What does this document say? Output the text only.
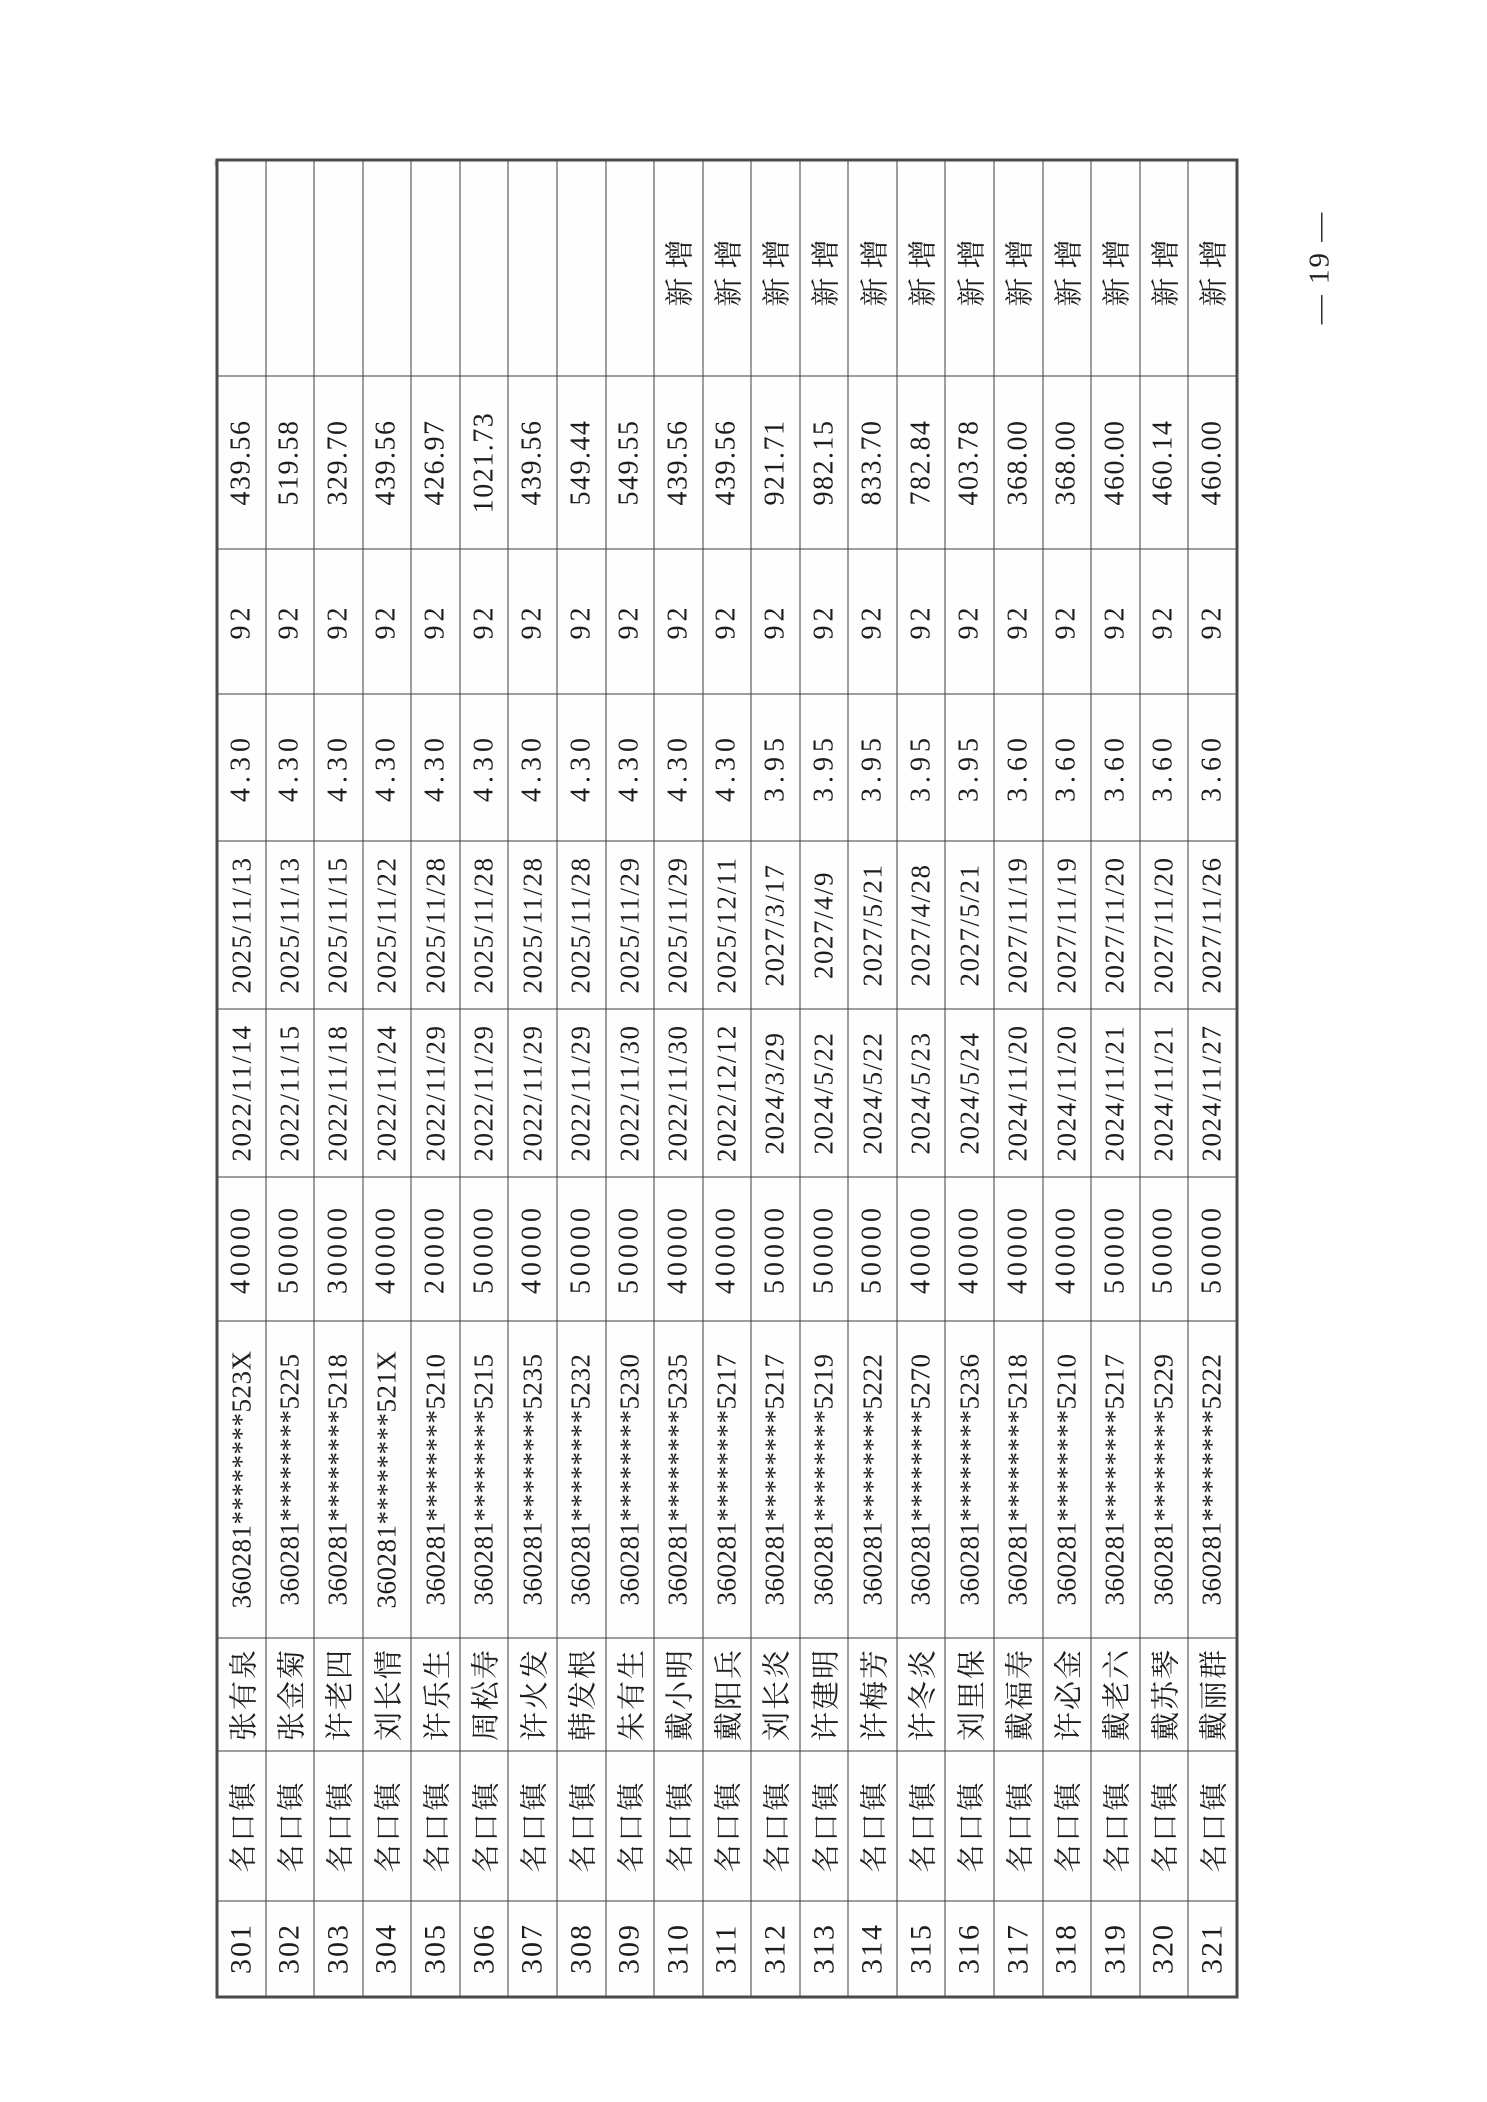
301	名口镇	张有泉	360281********523X	40000	2022/11/14	2025/11/13	4.30	92	439.56	
302	名口镇	张金菊	360281********5225	50000	2022/11/15	2025/11/13	4.30	92	519.58	
303	名口镇	许老四	360281********5218	30000	2022/11/18	2025/11/15	4.30	92	329.70	
304	名口镇	刘长情	360281********521X	40000	2022/11/24	2025/11/22	4.30	92	439.56	
305	名口镇	许乐生	360281********5210	20000	2022/11/29	2025/11/28	4.30	92	426.97	
306	名口镇	周松寿	360281********5215	50000	2022/11/29	2025/11/28	4.30	92	1021.73	
307	名口镇	许火发	360281********5235	40000	2022/11/29	2025/11/28	4.30	92	439.56	
308	名口镇	韩发根	360281********5232	50000	2022/11/29	2025/11/28	4.30	92	549.44	
309	名口镇	朱有生	360281********5230	50000	2022/11/30	2025/11/29	4.30	92	549.55	
310	名口镇	戴小明	360281********5235	40000	2022/11/30	2025/11/29	4.30	92	439.56	新增
311	名口镇	戴阳兵	360281********5217	40000	2022/12/12	2025/12/11	4.30	92	439.56	新增
312	名口镇	刘长炎	360281********5217	50000	2024/3/29	2027/3/17	3.95	92	921.71	新增
313	名口镇	许建明	360281********5219	50000	2024/5/22	2027/4/9	3.95	92	982.15	新增
314	名口镇	许梅芳	360281********5222	50000	2024/5/22	2027/5/21	3.95	92	833.70	新增
315	名口镇	许冬炎	360281********5270	40000	2024/5/23	2027/4/28	3.95	92	782.84	新增
316	名口镇	刘里保	360281********5236	40000	2024/5/24	2027/5/21	3.95	92	403.78	新增
317	名口镇	戴福寿	360281********5218	40000	2024/11/20	2027/11/19	3.60	92	368.00	新增
318	名口镇	许必金	360281********5210	40000	2024/11/20	2027/11/19	3.60	92	368.00	新增
319	名口镇	戴老六	360281********5217	50000	2024/11/21	2027/11/20	3.60	92	460.00	新增
320	名口镇	戴苏琴	360281********5229	50000	2024/11/21	2027/11/20	3.60	92	460.14	新增
321	名口镇	戴丽群	360281********5222	50000	2024/11/27	2027/11/26	3.60	92	460.00	新增	— 19 —
